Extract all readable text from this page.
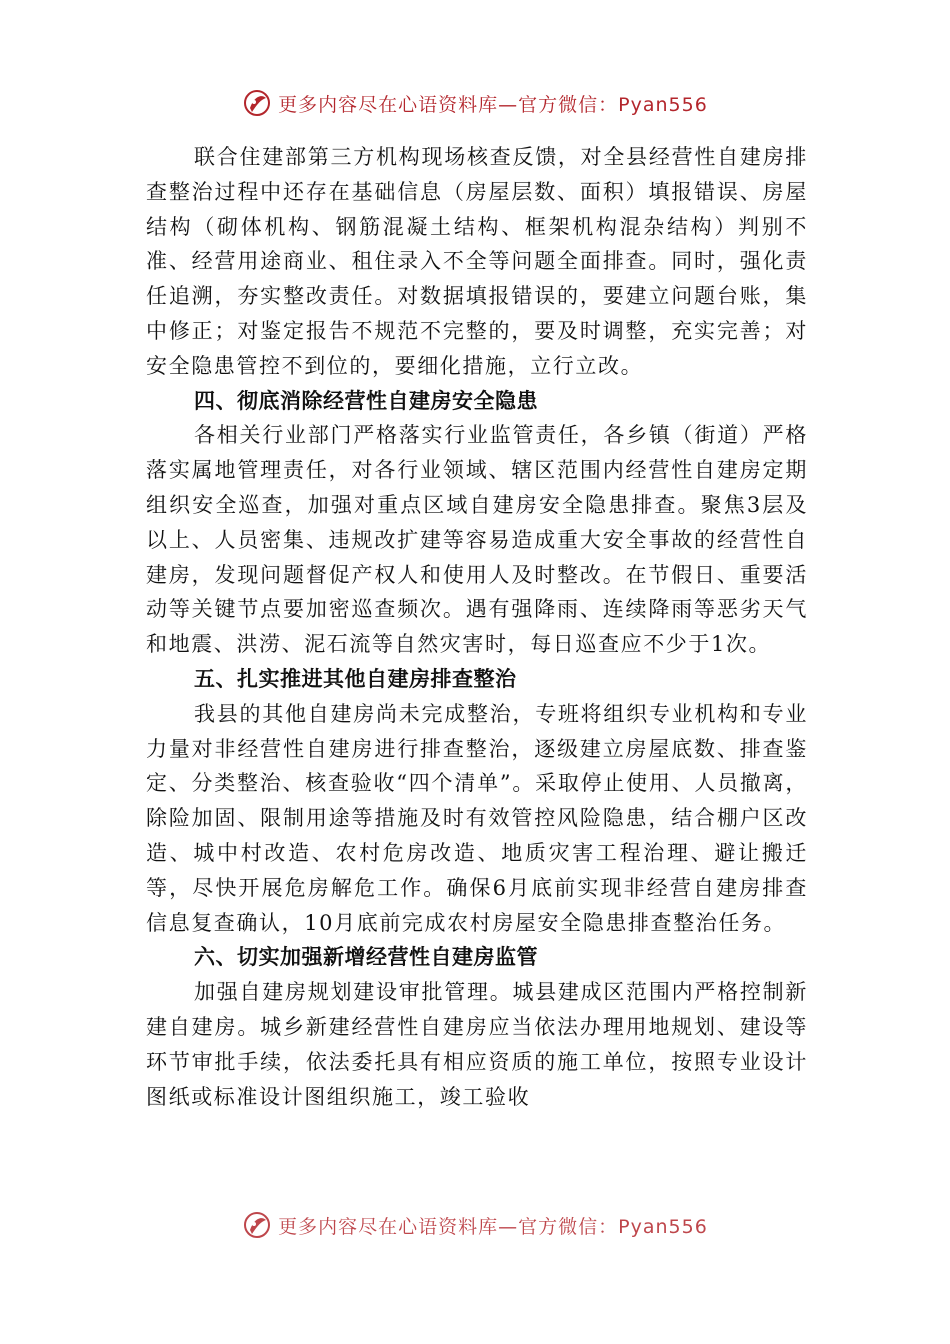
更多内容尽在心语资料库—官方微信：Pyan556

联合住建部第三方机构现场核查反馈，对全县经营性自建房排查整治过程中还存在基础信息（房屋层数、面积）填报错误、房屋结构（砌体机构、钢筋混凝土结构、框架机构混杂结构）判别不准、经营用途商业、租住录入不全等问题全面排查。同时，强化责任追溯，夯实整改责任。对数据填报错误的，要建立问题台账，集中修正；对鉴定报告不规范不完整的，要及时调整，充实完善；对安全隐患管控不到位的，要细化措施，立行立改。

四、彻底消除经营性自建房安全隐患

各相关行业部门严格落实行业监管责任，各乡镇（街道）严格落实属地管理责任，对各行业领域、辖区范围内经营性自建房定期组织安全巡查，加强对重点区域自建房安全隐患排查。聚焦3层及以上、人员密集、违规改扩建等容易造成重大安全事故的经营性自建房，发现问题督促产权人和使用人及时整改。在节假日、重要活动等关键节点要加密巡查频次。遇有强降雨、连续降雨等恶劣天气和地震、洪涝、泥石流等自然灾害时，每日巡查应不少于1次。

五、扎实推进其他自建房排查整治

我县的其他自建房尚未完成整治，专班将组织专业机构和专业力量对非经营性自建房进行排查整治，逐级建立房屋底数、排查鉴定、分类整治、核查验收“四个清单”。采取停止使用、人员撤离，除险加固、限制用途等措施及时有效管控风险隐患，结合棚户区改造、城中村改造、农村危房改造、地质灾害工程治理、避让搬迁等，尽快开展危房解危工作。确保6月底前实现非经营自建房排查信息复查确认，10月底前完成农村房屋安全隐患排查整治任务。

六、切实加强新增经营性自建房监管

加强自建房规划建设审批管理。城县建成区范围内严格控制新建自建房。城乡新建经营性自建房应当依法办理用地规划、建设等环节审批手续，依法委托具有相应资质的施工单位，按照专业设计图纸或标准设计图组织施工，竣工验收

更多内容尽在心语资料库—官方微信：Pyan556
